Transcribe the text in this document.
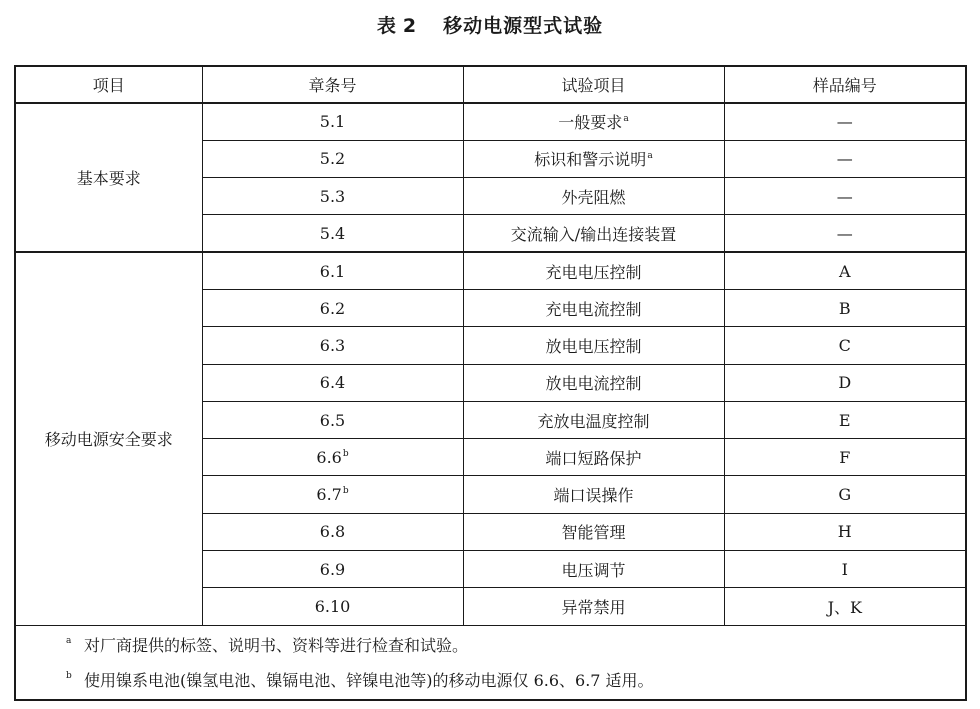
表 2 移动电源型式试验
项目	章条号	试验项目	样品编号
基本要求	5.1	一般要求$^a$	—
	5.2	标识和警示说明$^a$	—
	5.3	外壳阻燃	—
	5.4	交流输入/输出连接装置	—
移动电源安全要求	6.1	充电电压控制	A
	6.2	充电电流控制	B
	6.3	放电电压控制	C
	6.4	放电电流控制	D
	6.5	充放电温度控制	E
	6.6$^b$	端口短路保护	F
	6.7$^b$	端口误操作	G
	6.8	智能管理	H
	6.9	电压调节	I
	6.10	异常禁用	J、K
a 对厂商提供的标签、说明书、资料等进行检查和试验。
b 使用镍系电池(镍氢电池、镍镉电池、锌镍电池等)的移动电源仅 6.6、6.7 适用。
